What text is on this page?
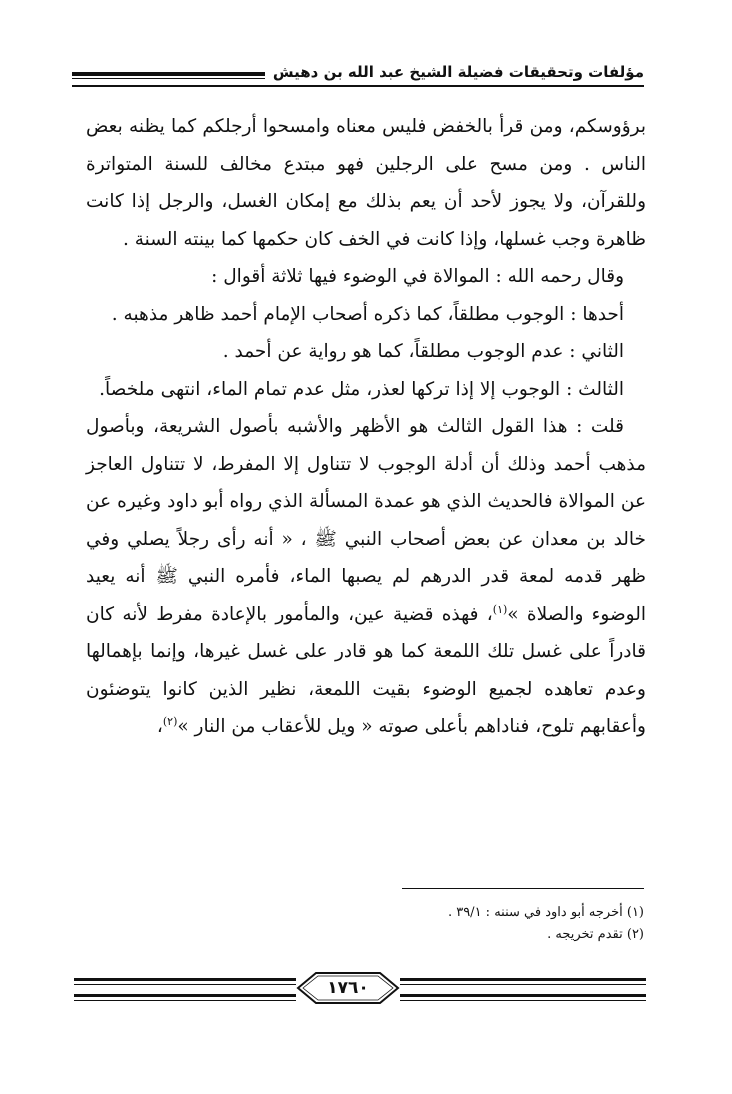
مؤلفات وتحقيقات فضيلة الشيخ عبد الله بن دهيش

برؤوسكم، ومن قرأ بالخفض فليس معناه وامسحوا أرجلكم كما يظنه بعض الناس . ومن مسح على الرجلين فهو مبتدع مخالف للسنة المتواترة وللقرآن، ولا يجوز لأحد أن يعم بذلك مع إمكان الغسل، والرجل إذا كانت ظاهرة وجب غسلها، وإذا كانت في الخف كان حكمها كما بينته السنة .

وقال رحمه الله : الموالاة في الوضوء فيها ثلاثة أقوال :

أحدها : الوجوب مطلقاً، كما ذكره أصحاب الإمام أحمد ظاهر مذهبه .

الثاني : عدم الوجوب مطلقاً، كما هو رواية عن أحمد .

الثالث : الوجوب إلا إذا تركها لعذر، مثل عدم تمام الماء، انتهى ملخصاً.

قلت : هذا القول الثالث هو الأظهر والأشبه بأصول الشريعة، وبأصول مذهب أحمد وذلك أن أدلة الوجوب لا تتناول إلا المفرط، لا تتناول العاجز عن الموالاة فالحديث الذي هو عمدة المسألة الذي رواه أبو داود وغيره عن خالد بن معدان عن بعض أصحاب النبي ﷺ ، « أنه رأى رجلاً يصلي وفي ظهر قدمه لمعة قدر الدرهم لم يصبها الماء، فأمره النبي ﷺ أنه يعيد الوضوء والصلاة »$^{(١)}$، فهذه قضية عين، والمأمور بالإعادة مفرط لأنه كان قادراً على غسل تلك اللمعة كما هو قادر على غسل غيرها، وإنما بإهمالها وعدم تعاهده لجميع الوضوء بقيت اللمعة، نظير الذين كانوا يتوضئون وأعقابهم تلوح، فناداهم بأعلى صوته « ويل للأعقاب من النار »$^{(٢)}$،

(١) أخرجه أبو داود في سننه : ٣٩/١ .
(٢) تقدم تخريجه .
١٧٦٠
